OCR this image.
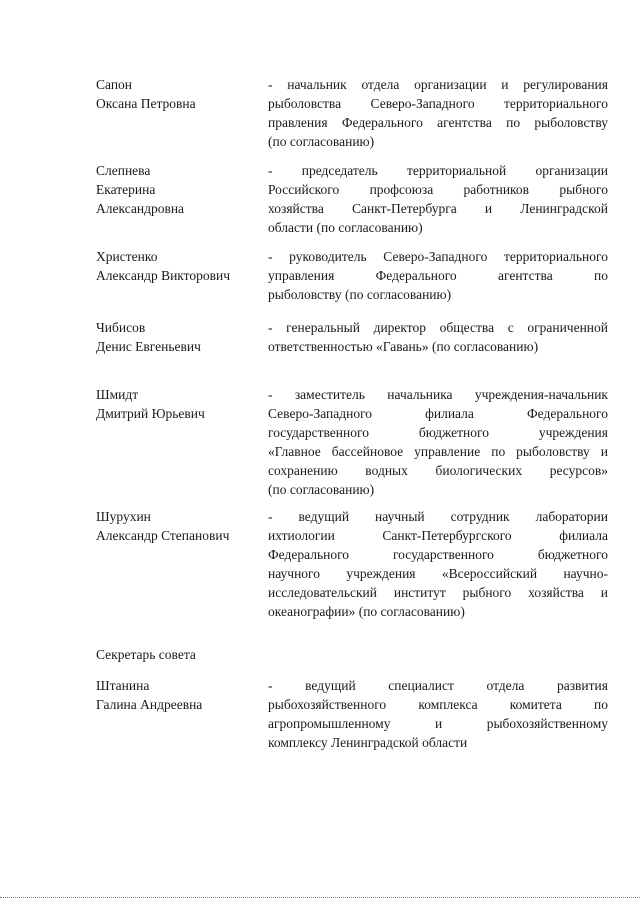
Сапон
Оксана Петровна
- начальник отдела организации и регулирования
рыболовства Северо-Западного территориального
правления Федерального агентства по рыболовству
(по согласованию)
Слепнева
Екатерина
Александровна
- председатель территориальной организации
Российского профсоюза работников рыбного
хозяйства Санкт-Петербурга и Ленинградской
области (по согласованию)
Христенко
Александр Викторович
- руководитель Северо-Западного территориального
управления Федерального агентства по
рыболовству (по согласованию)
Чибисов
Денис Евгеньевич
- генеральный директор общества с ограниченной
ответственностью «Гавань» (по согласованию)
Шмидт
Дмитрий Юрьевич
- заместитель начальника учреждения-начальник
Северо-Западного филиала Федерального
государственного бюджетного учреждения
«Главное бассейновое управление по рыболовству и
сохранению водных биологических ресурсов»
(по согласованию)
Шурухин
Александр Степанович
- ведущий научный сотрудник лаборатории
ихтиологии Санкт-Петербургского филиала
Федерального государственного бюджетного
научного учреждения «Всероссийский научно-
исследовательский институт рыбного хозяйства и
океанографии» (по согласованию)
Секретарь совета
Штанина
Галина Андреевна
- ведущий специалист отдела развития
рыбохозяйственного комплекса комитета по
агропромышленному и рыбохозяйственному
комплексу Ленинградской области
